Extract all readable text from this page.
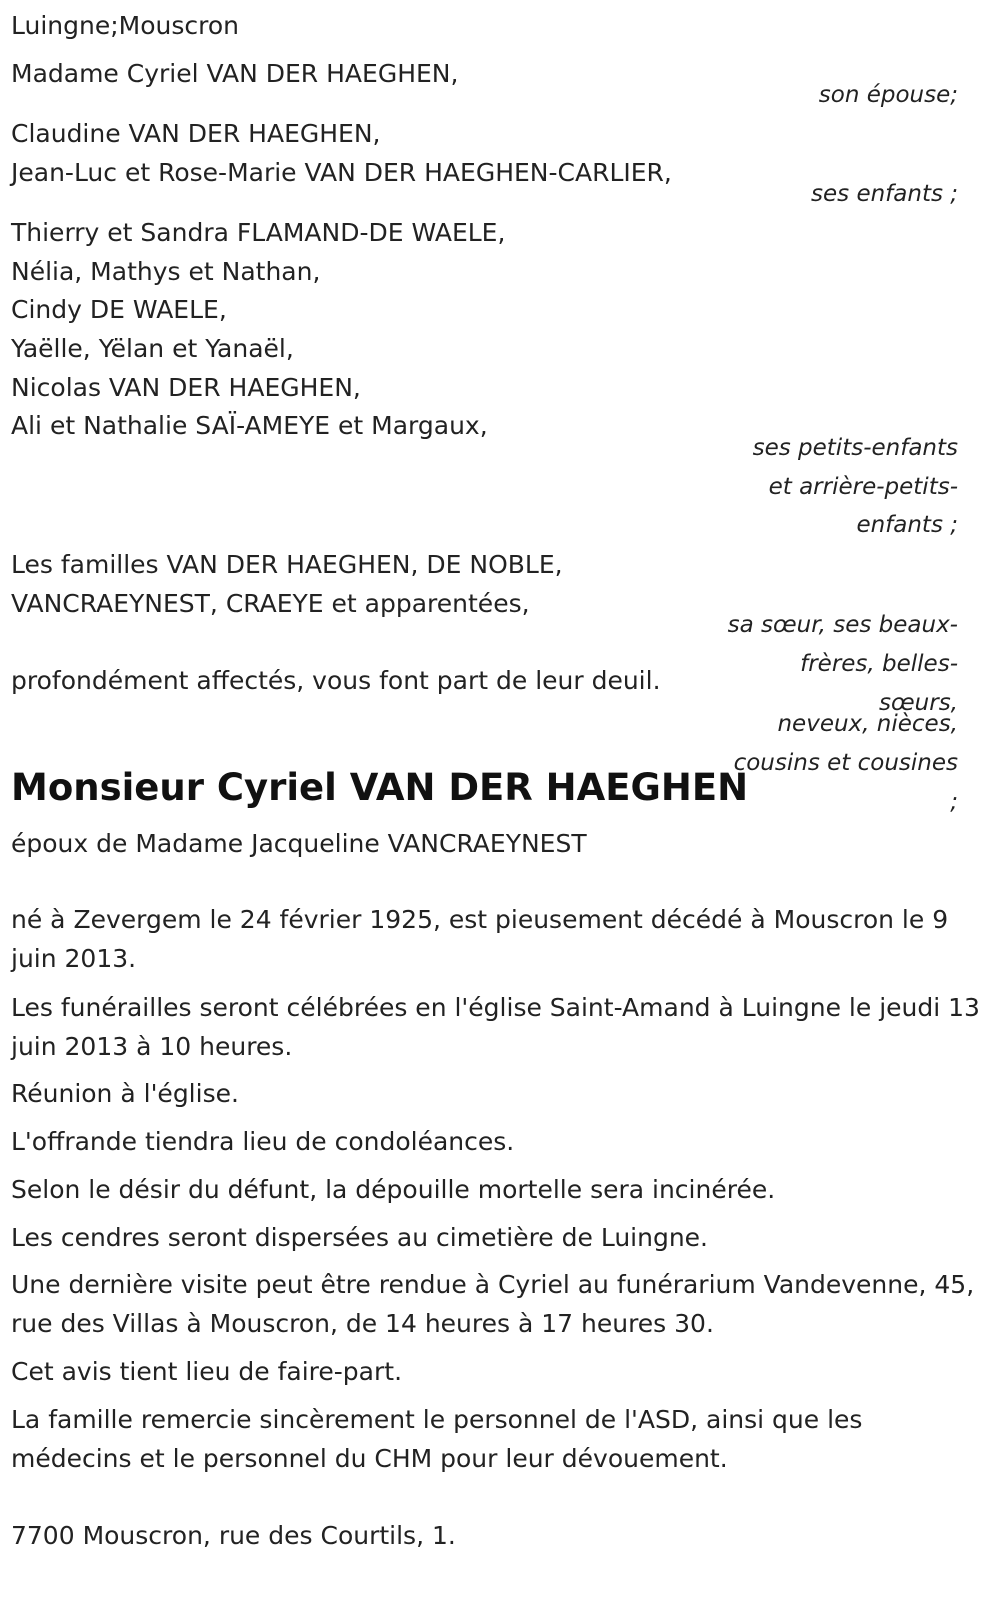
Luingne;Mouscron

Madame Cyriel VAN DER HAEGHEN,

son épouse;

Claudine VAN DER HAEGHEN,

Jean-Luc et Rose-Marie VAN DER HAEGHEN-CARLIER,

ses enfants ;

Thierry et Sandra FLAMAND-DE WAELE,

Nélia, Mathys et Nathan,

Cindy DE WAELE,

Yaëlle, Yëlan et Yanaël,

Nicolas VAN DER HAEGHEN,

Ali et Nathalie SAÏ-AMEYE et Margaux,

ses petits-enfants

et arrière-petits-

enfants ;

Les familles VAN DER HAEGHEN, DE NOBLE,

VANCRAEYNEST, CRAEYE et apparentées,

sa sœur, ses beaux-

frères, belles-

sœurs,

neveux, nièces,

cousins et cousines

;

profondément affectés, vous font part de leur deuil.

Monsieur Cyriel VAN DER HAEGHEN

époux de Madame Jacqueline VANCRAEYNEST

né à Zevergem le 24 février 1925, est pieusement décédé à Mouscron le 9 juin 2013.

Les funérailles seront célébrées en l'église Saint-Amand à Luingne le jeudi 13 juin 2013 à 10 heures.

Réunion à l'église.

L'offrande tiendra lieu de condoléances.

Selon le désir du défunt, la dépouille mortelle sera incinérée.

Les cendres seront dispersées au cimetière de Luingne.

Une dernière visite peut être rendue à Cyriel au funérarium Vandevenne, 45, rue des Villas à Mouscron, de 14 heures à 17 heures 30.

Cet avis tient lieu de faire-part.

La famille remercie sincèrement le personnel de l'ASD, ainsi que les médecins et le personnel du CHM pour leur dévouement.

7700 Mouscron, rue des Courtils, 1.
